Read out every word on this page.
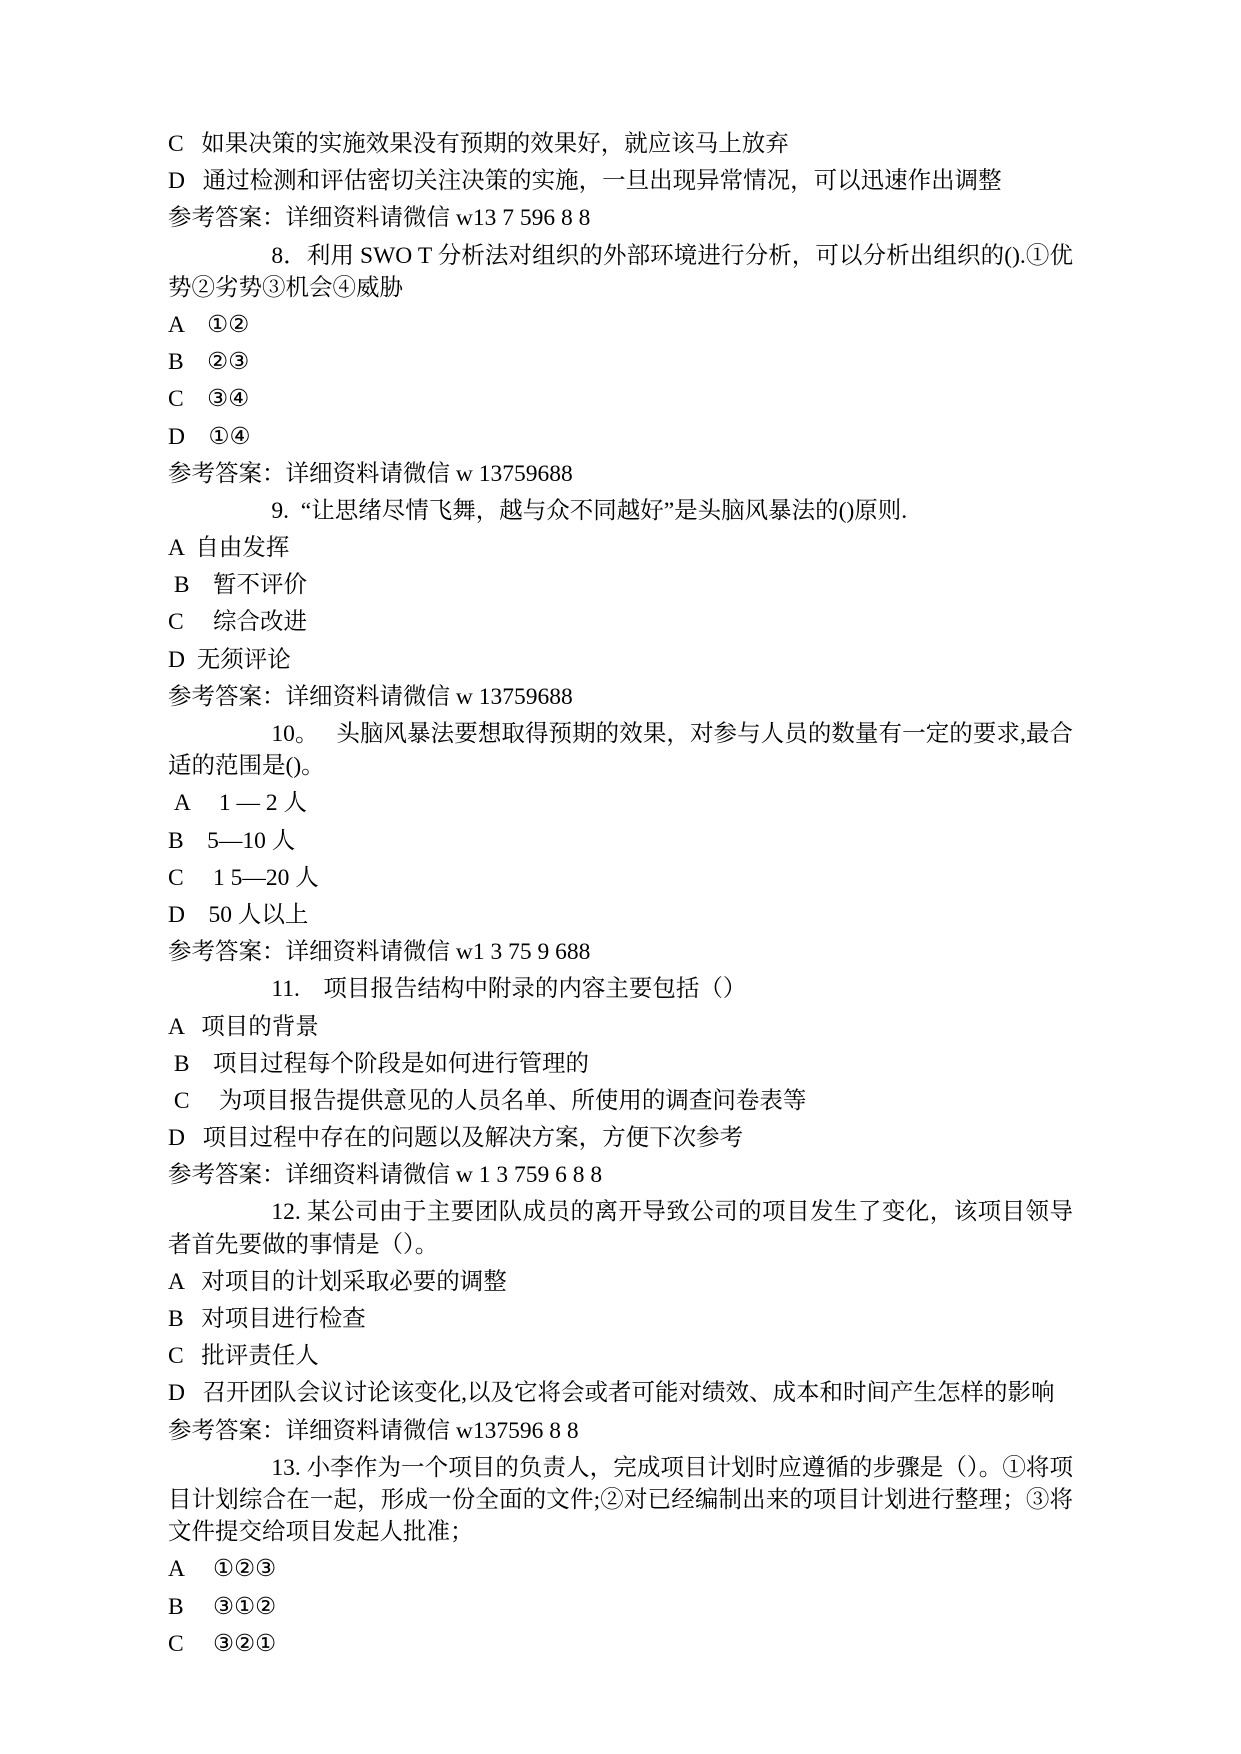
C   如果决策的实施效果没有预期的效果好，就应该马上放弃

D   通过检测和评估密切关注决策的实施，一旦出现异常情况，可以迅速作出调整

参考答案：详细资料请微信 w13 7 596 8 8

8．利用 SWO T 分析法对组织的外部环境进行分析，可以分析出组织的().①优势②劣势③机会④威胁

A    ①②

B    ②③

C    ③④

D    ①④

参考答案：详细资料请微信 w 13759688

9.  “让思绪尽情飞舞，越与众不同越好”是头脑风暴法的()原则.

A  自由发挥

B    暂不评价

C     综合改进

D  无须评论

参考答案：详细资料请微信 w 13759688

10。   头脑风暴法要想取得预期的效果，对参与人员的数量有一定的要求,最合适的范围是()。

A     1 — 2 人

B    5—10 人

C     1 5—20 人

D    50 人以上

参考答案：详细资料请微信 w1 3 75 9 688

11.    项目报告结构中附录的内容主要包括（）

A   项目的背景

B    项目过程每个阶段是如何进行管理的

C     为项目报告提供意见的人员名单、所使用的调查问卷表等

D   项目过程中存在的问题以及解决方案，方便下次参考

参考答案：详细资料请微信 w 1 3 759 6 8 8

12. 某公司由于主要团队成员的离开导致公司的项目发生了变化，该项目领导者首先要做的事情是（）。

A   对项目的计划采取必要的调整

B   对项目进行检查

C   批评责任人

D   召开团队会议讨论该变化,以及它将会或者可能对绩效、成本和时间产生怎样的影响

参考答案：详细资料请微信 w137596 8 8

13. 小李作为一个项目的负责人，完成项目计划时应遵循的步骤是（）。①将项目计划综合在一起，形成一份全面的文件;②对已经编制出来的项目计划进行整理；③将文件提交给项目发起人批准；

A     ①②③

B     ③①②

C     ③②①
